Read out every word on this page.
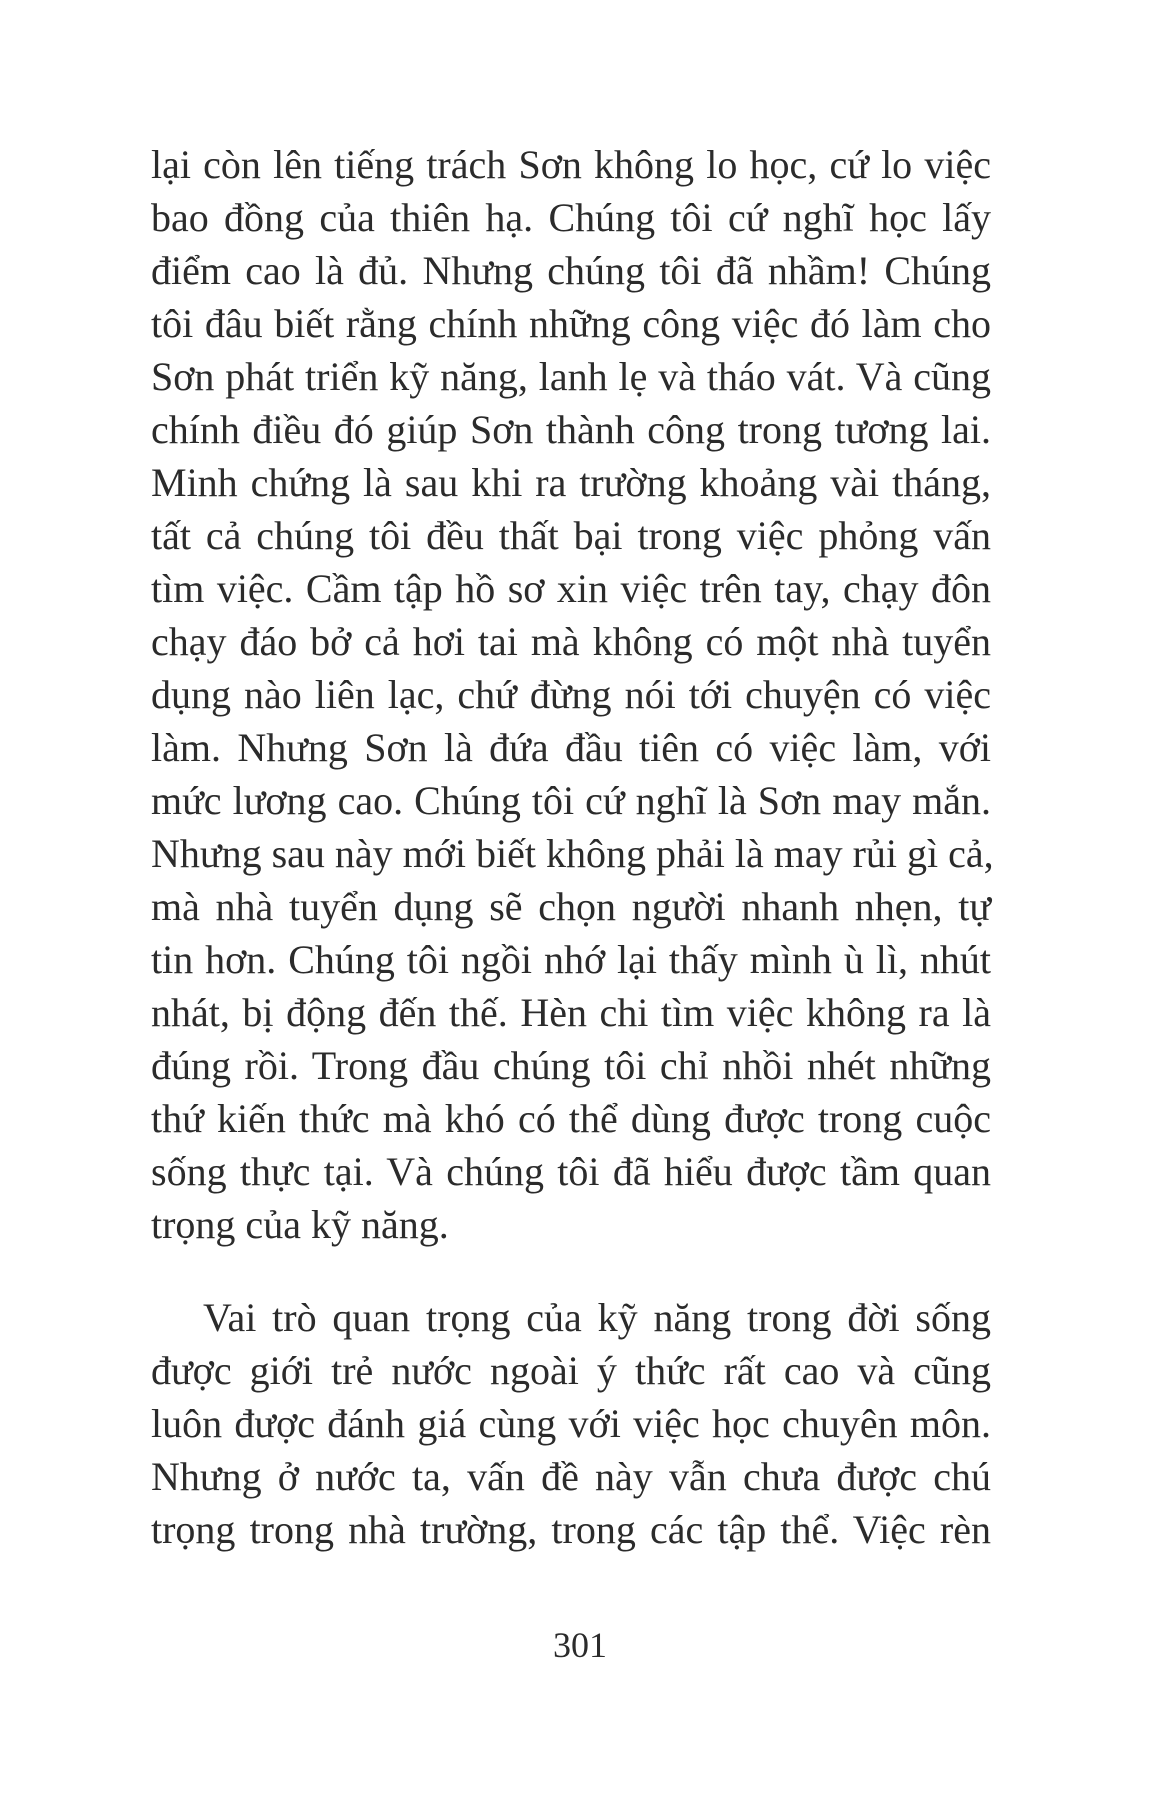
lại còn lên tiếng trách Sơn không lo học, cứ lo việc
bao đồng của thiên hạ. Chúng tôi cứ nghĩ học lấy
điểm cao là đủ. Nhưng chúng tôi đã nhầm! Chúng
tôi đâu biết rằng chính những công việc đó làm cho
Sơn phát triển kỹ năng, lanh lẹ và tháo vát. Và cũng
chính điều đó giúp Sơn thành công trong tương lai.
Minh chứng là sau khi ra trường khoảng vài tháng,
tất cả chúng tôi đều thất bại trong việc phỏng vấn
tìm việc. Cầm tập hồ sơ xin việc trên tay, chạy đôn
chạy đáo bở cả hơi tai mà không có một nhà tuyển
dụng nào liên lạc, chứ đừng nói tới chuyện có việc
làm. Nhưng Sơn là đứa đầu tiên có việc làm, với
mức lương cao. Chúng tôi cứ nghĩ là Sơn may mắn.
Nhưng sau này mới biết không phải là may rủi gì cả,
mà nhà tuyển dụng sẽ chọn người nhanh nhẹn, tự
tin hơn. Chúng tôi ngồi nhớ lại thấy mình ù lì, nhút
nhát, bị động đến thế. Hèn chi tìm việc không ra là
đúng rồi. Trong đầu chúng tôi chỉ nhồi nhét những
thứ kiến thức mà khó có thể dùng được trong cuộc
sống thực tại. Và chúng tôi đã hiểu được tầm quan
trọng của kỹ năng.

Vai trò quan trọng của kỹ năng trong đời sống
được giới trẻ nước ngoài ý thức rất cao và cũng
luôn được đánh giá cùng với việc học chuyên môn.
Nhưng ở nước ta, vấn đề này vẫn chưa được chú
trọng trong nhà trường, trong các tập thể. Việc rèn

301
